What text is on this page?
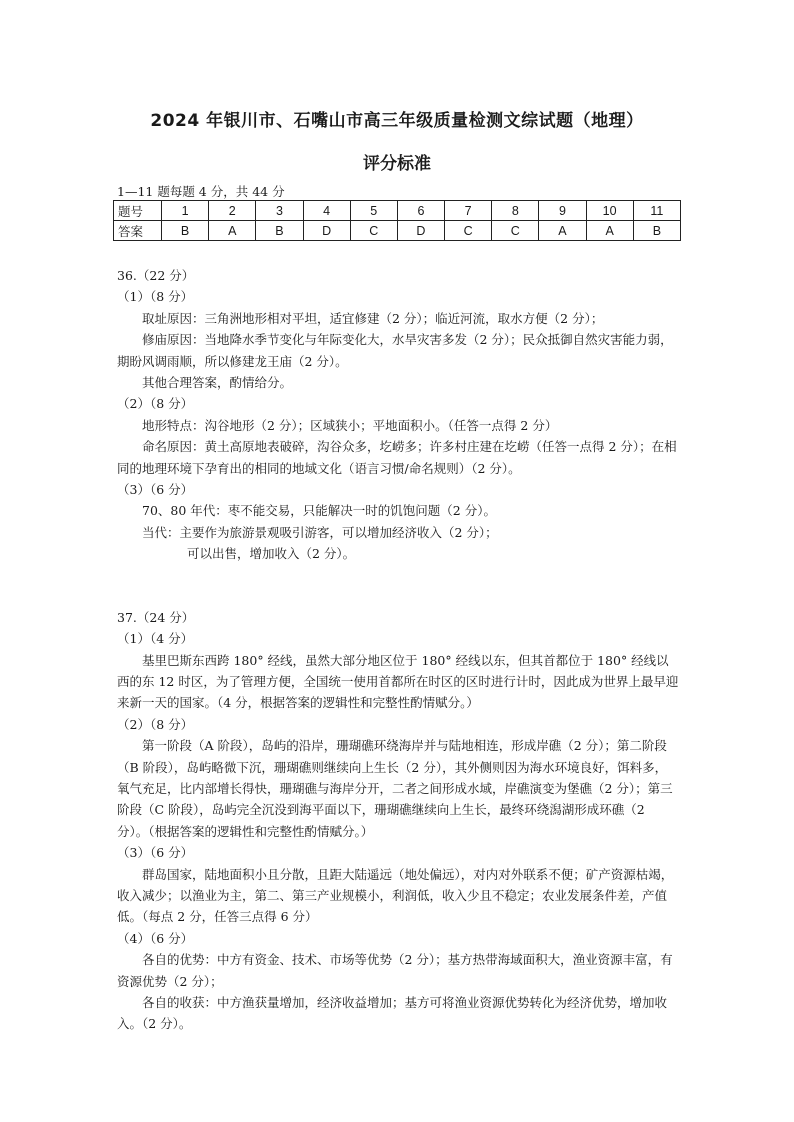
2024 年银川市、石嘴山市高三年级质量检测文综试题（地理）
评分标准
1—11 题每题 4 分，共 44 分
题号	1	2	3	4	5	6	7	8	9	10	11
答案	B	A	B	D	C	D	C	C	A	A	B

36.（22 分）

（1）（8 分）

取址原因：三角洲地形相对平坦，适宜修建（2 分）；临近河流，取水方便（2 分）；

修庙原因：当地降水季节变化与年际变化大，水旱灾害多发（2 分）；民众抵御自然灾害能力弱，期盼风调雨顺，所以修建龙王庙（2 分）。

其他合理答案，酌情给分。

（2）（8 分）

地形特点：沟谷地形（2 分）；区域狭小；平地面积小。（任答一点得 2 分）

命名原因：黄土高原地表破碎，沟谷众多，圪崂多；许多村庄建在圪崂（任答一点得 2 分）；在相同的地理环境下孕育出的相同的地域文化（语言习惯/命名规则）（2 分）。

（3）（6 分）

70、80 年代：枣不能交易，只能解决一时的饥饱问题（2 分）。

当代：主要作为旅游景观吸引游客，可以增加经济收入（2 分）；

可以出售，增加收入（2 分）。

37.（24 分）

（1）（4 分）

基里巴斯东西跨 180° 经线，虽然大部分地区位于 180° 经线以东，但其首都位于 180° 经线以西的东 12 时区，为了管理方便，全国统一使用首都所在时区的区时进行计时，因此成为世界上最早迎来新一天的国家。（4 分，根据答案的逻辑性和完整性酌情赋分。）

（2）（8 分）

第一阶段（A 阶段），岛屿的沿岸，珊瑚礁环绕海岸并与陆地相连，形成岸礁（2 分）；第二阶段（B 阶段），岛屿略微下沉，珊瑚礁则继续向上生长（2 分），其外侧则因为海水环境良好，饵料多，氧气充足，比内部增长得快，珊瑚礁与海岸分开，二者之间形成水域，岸礁演变为堡礁（2 分）；第三阶段（C 阶段），岛屿完全沉没到海平面以下，珊瑚礁继续向上生长，最终环绕潟湖形成环礁（2 分）。（根据答案的逻辑性和完整性酌情赋分。）

（3）（6 分）

群岛国家，陆地面积小且分散，且距大陆遥远（地处偏远），对内对外联系不便；矿产资源枯竭，收入减少；以渔业为主，第二、第三产业规模小，利润低，收入少且不稳定；农业发展条件差，产值低。（每点 2 分，任答三点得 6 分）

（4）（6 分）

各自的优势：中方有资金、技术、市场等优势（2 分）；基方热带海域面积大，渔业资源丰富，有资源优势（2 分）；

各自的收获：中方渔获量增加，经济收益增加；基方可将渔业资源优势转化为经济优势，增加收入。（2 分）。
